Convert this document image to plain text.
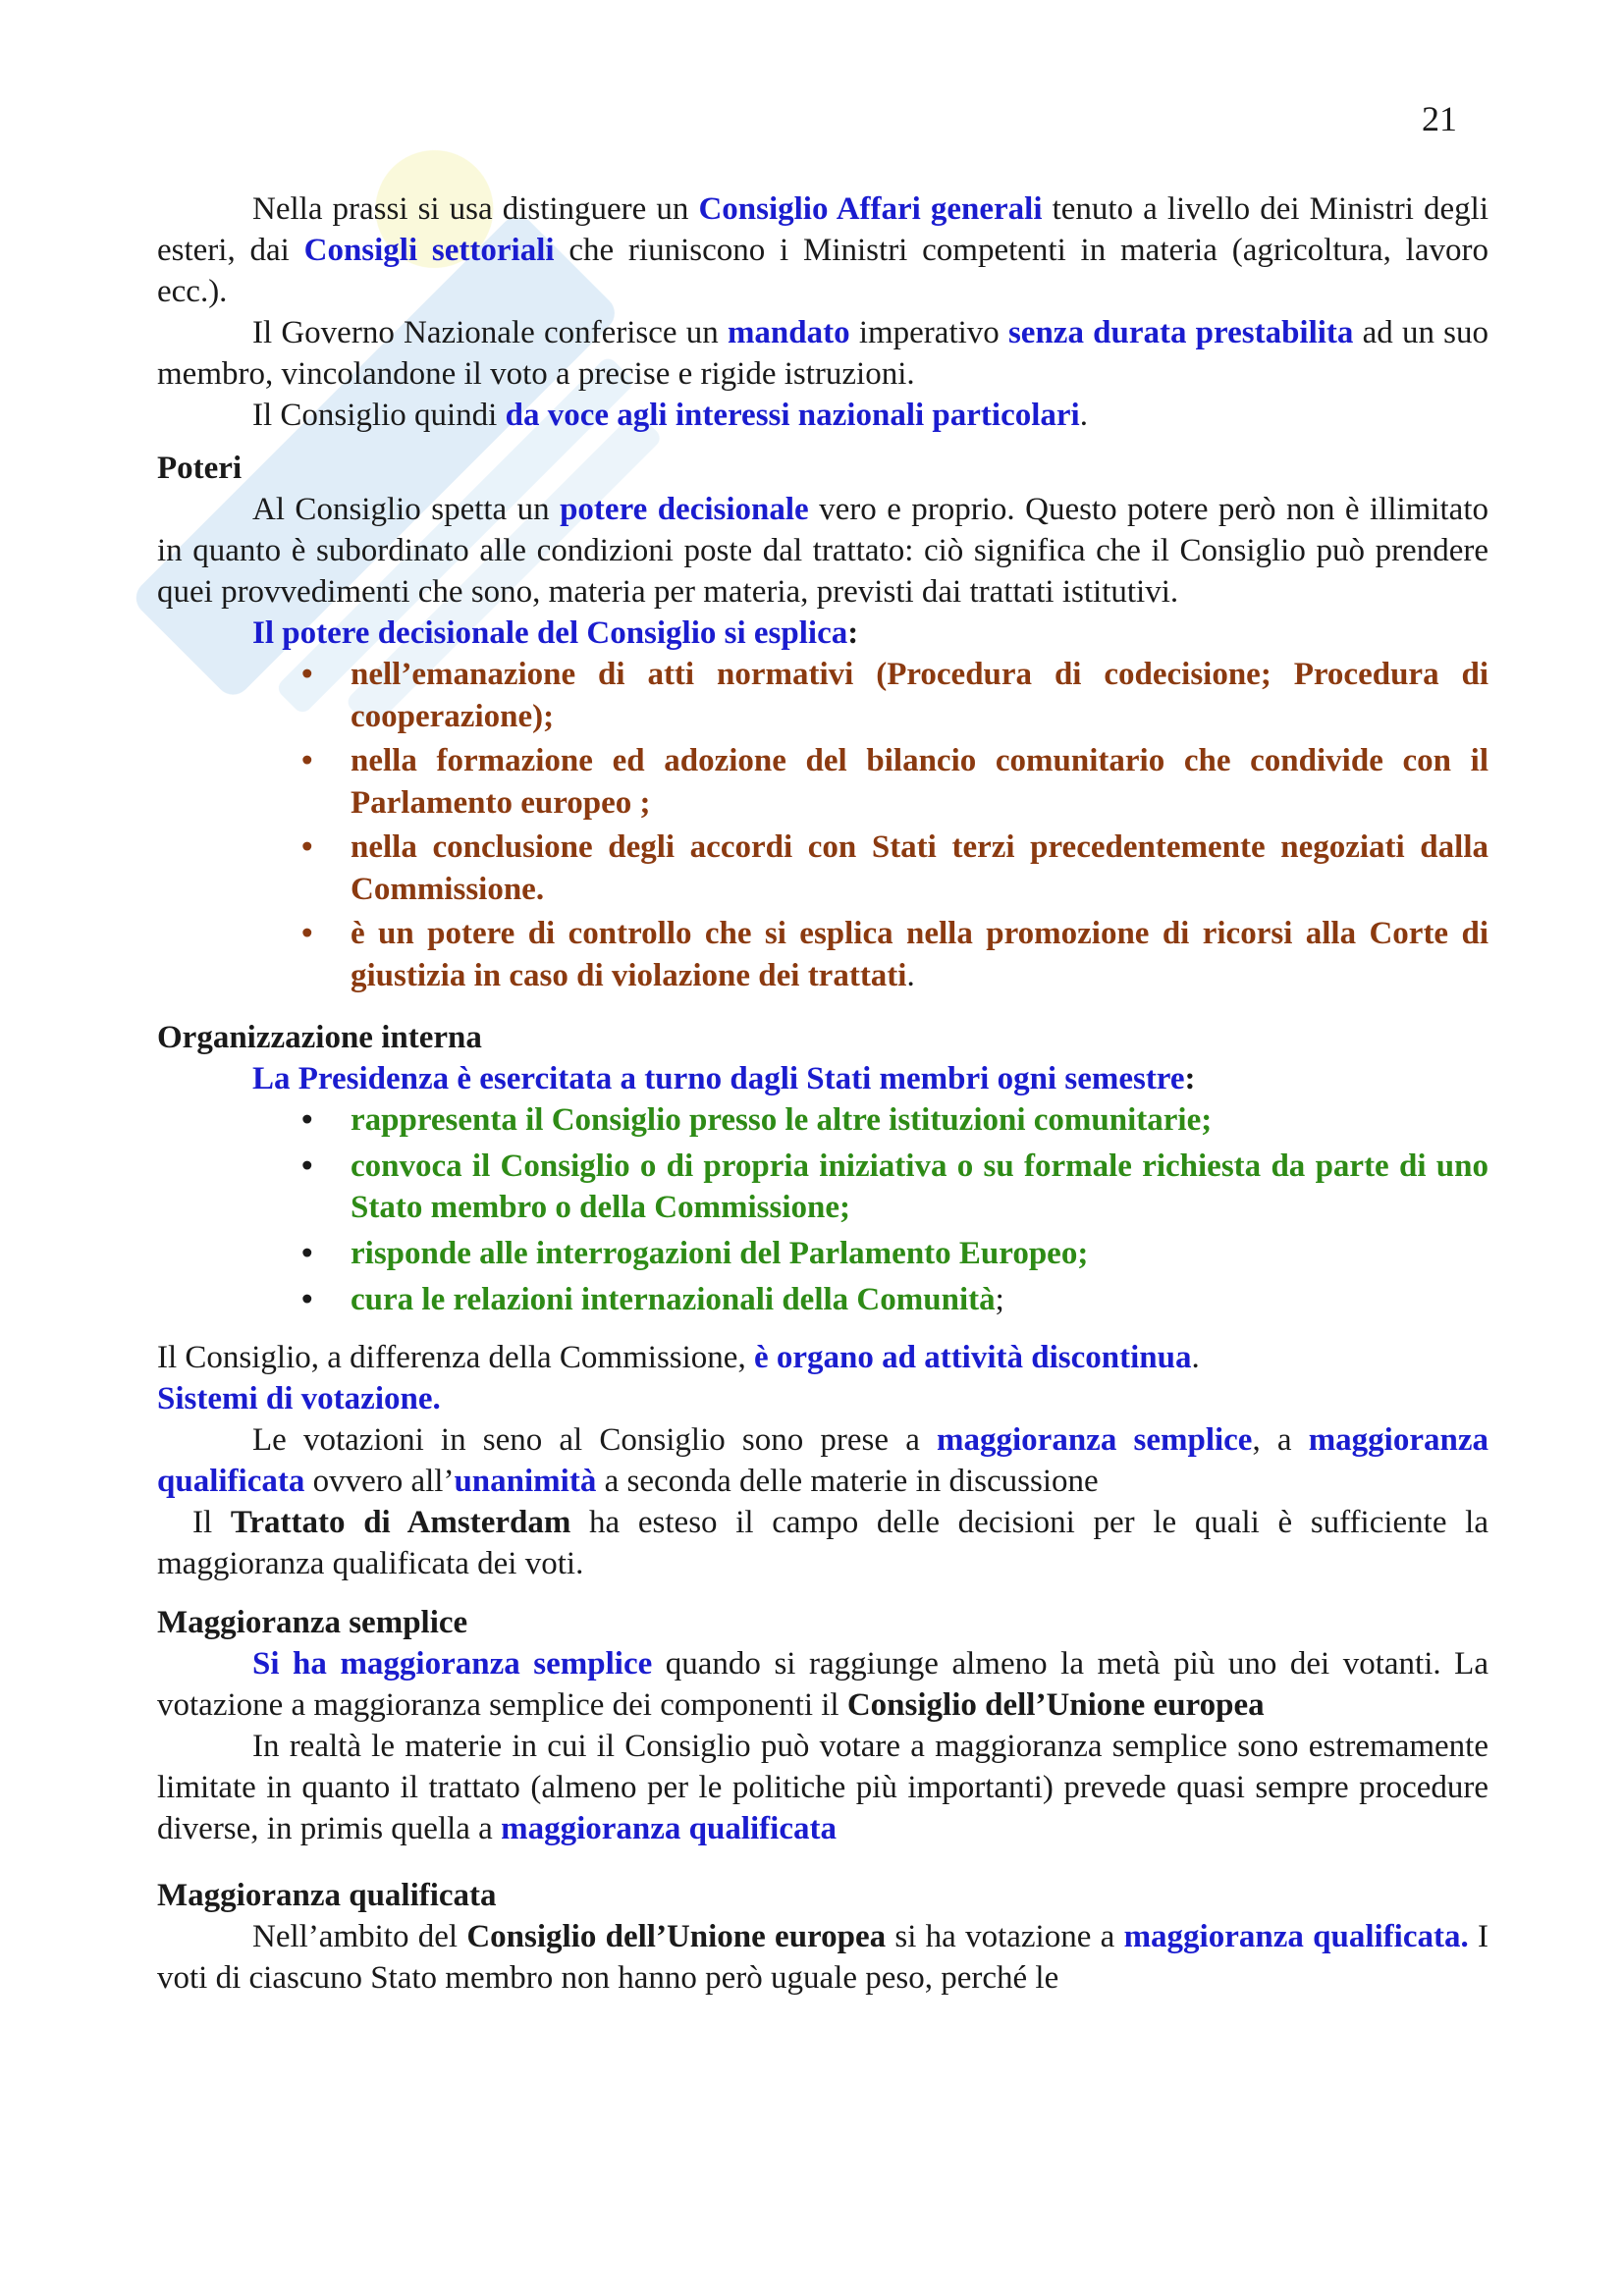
21

Nella prassi si usa distinguere un Consiglio Affari generali tenuto a livello dei Ministri degli esteri, dai Consigli settoriali che riuniscono i Ministri competenti in materia (agricoltura, lavoro ecc.).

Il Governo Nazionale conferisce un mandato imperativo senza durata prestabilita ad un suo membro, vincolandone il voto a precise e rigide istruzioni.

Il Consiglio quindi da voce agli interessi nazionali particolari.

Poteri

Al Consiglio spetta un potere decisionale vero e proprio. Questo potere però non è illimitato in quanto è subordinato alle condizioni poste dal trattato: ciò significa che il Consiglio può prendere quei provvedimenti che sono, materia per materia, previsti dai trattati istitutivi.

Il potere decisionale del Consiglio si esplica:

• nell’emanazione di atti normativi (Procedura di codecisione; Procedura di cooperazione);
• nella formazione ed adozione del bilancio comunitario che condivide con il Parlamento europeo ;
• nella conclusione degli accordi con Stati terzi precedentemente negoziati dalla Commissione.
• è un potere di controllo che si esplica nella promozione di ricorsi alla Corte di giustizia in caso di violazione dei trattati.

Organizzazione interna

La Presidenza è esercitata a turno dagli Stati membri ogni semestre:

• rappresenta il Consiglio presso le altre istituzioni comunitarie;
• convoca il Consiglio o di propria iniziativa o su formale richiesta da parte di uno Stato membro o della Commissione;
• risponde alle interrogazioni del Parlamento Europeo;
• cura le relazioni internazionali della Comunità;

Il Consiglio, a differenza della Commissione, è organo ad attività discontinua.

Sistemi di votazione.

Le votazioni in seno al Consiglio sono prese a maggioranza semplice, a maggioranza qualificata ovvero all’unanimità a seconda delle materie in discussione

Il Trattato di Amsterdam ha esteso il campo delle decisioni per le quali è sufficiente la maggioranza qualificata dei voti.

Maggioranza semplice

Si ha maggioranza semplice quando si raggiunge almeno la metà più uno dei votanti. La votazione a maggioranza semplice dei componenti il Consiglio dell’Unione europea

In realtà le materie in cui il Consiglio può votare a maggioranza semplice sono estremamente limitate in quanto il trattato (almeno per le politiche più importanti) prevede quasi sempre procedure diverse, in primis quella a maggioranza qualificata

Maggioranza qualificata

Nell’ambito del Consiglio dell’Unione europea si ha votazione a maggioranza qualificata. I voti di ciascuno Stato membro non hanno però uguale peso, perché le
